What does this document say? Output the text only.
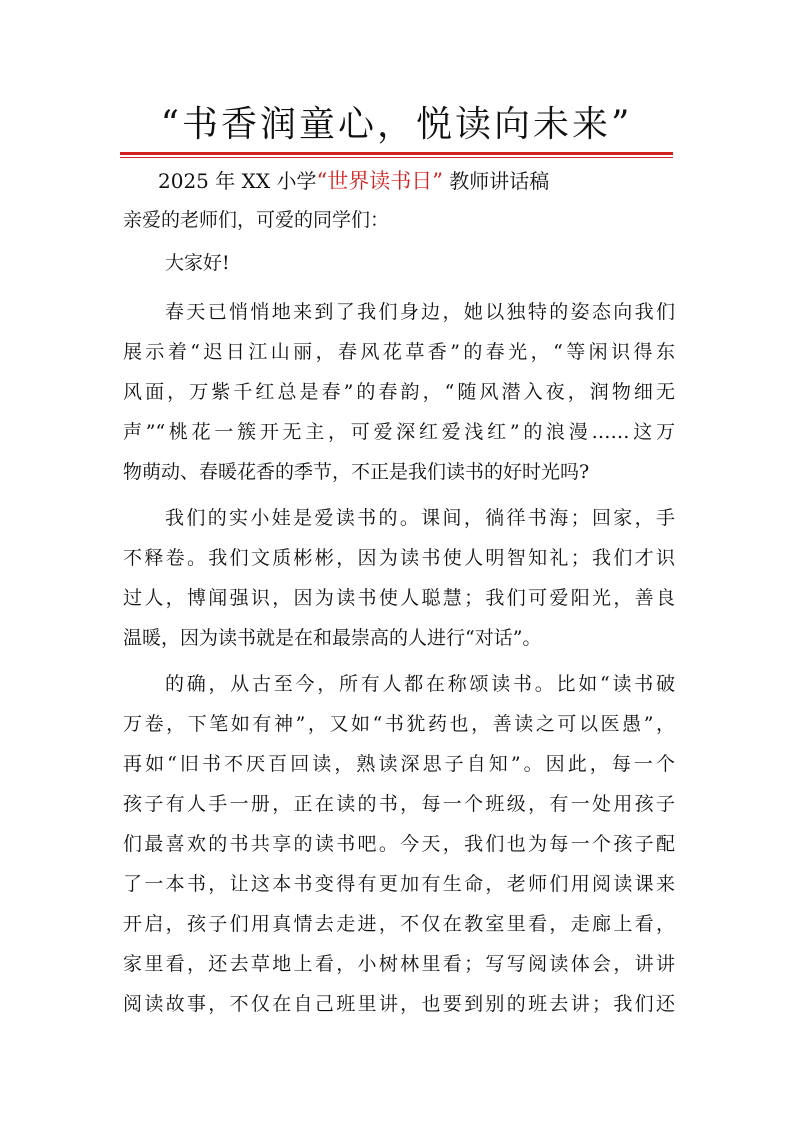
“书香润童心，悦读向未来”
2025 年 XX 小学“世界读书日” 教师讲话稿
亲爱的老师们，可爱的同学们：
大家好!
春天已悄悄地来到了我们身边，她以独特的姿态向我们
展示着“迟日江山丽，春风花草香”的春光，“等闲识得东
风面，万紫千红总是春”的春韵，“随风潜入夜，润物细无
声”“桃花一簇开无主，可爱深红爱浅红”的浪漫……这万
物萌动、春暖花香的季节，不正是我们读书的好时光吗?
我们的实小娃是爱读书的。课间，徜徉书海；回家，手
不释卷。我们文质彬彬，因为读书使人明智知礼；我们才识
过人，博闻强识，因为读书使人聪慧；我们可爱阳光，善良
温暖，因为读书就是在和最崇高的人进行“对话”。
的确，从古至今，所有人都在称颂读书。比如“读书破
万卷，下笔如有神”，又如“书犹药也，善读之可以医愚”，
再如“旧书不厌百回读，熟读深思子自知”。因此，每一个
孩子有人手一册，正在读的书，每一个班级，有一处用孩子
们最喜欢的书共享的读书吧。今天，我们也为每一个孩子配
了一本书，让这本书变得有更加有生命，老师们用阅读课来
开启，孩子们用真情去走进，不仅在教室里看，走廊上看，
家里看，还去草地上看，小树林里看；写写阅读体会，讲讲
阅读故事，不仅在自己班里讲，也要到别的班去讲；我们还
